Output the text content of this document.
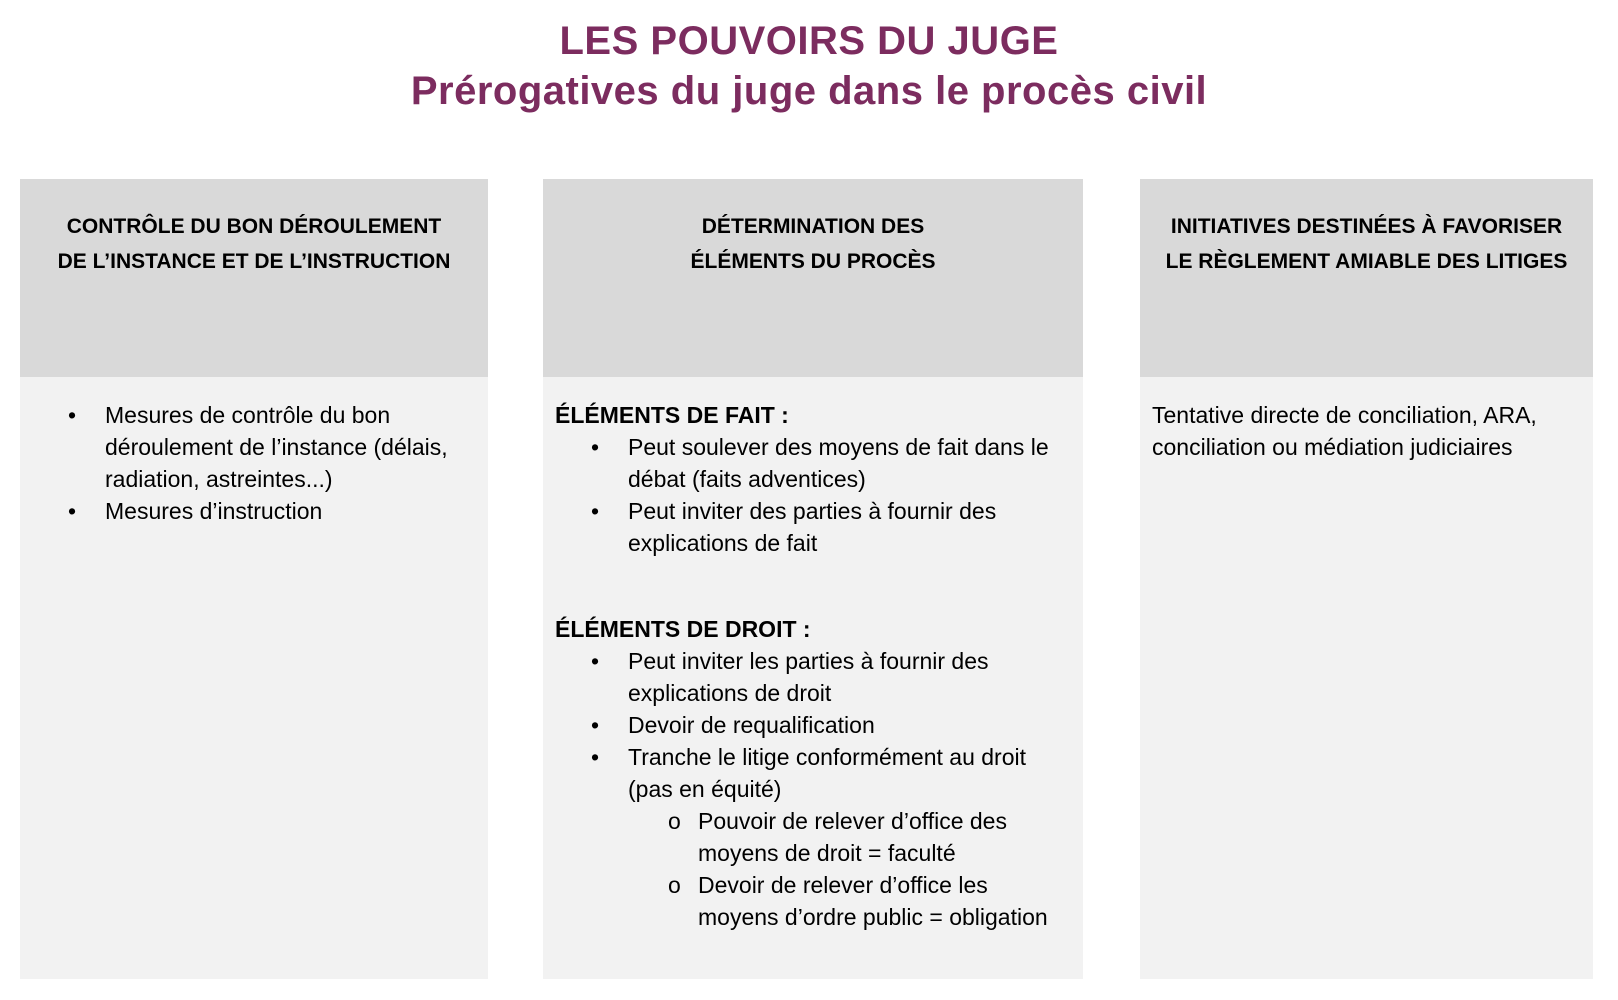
LES POUVOIRS DU JUGE
Prérogatives du juge dans le procès civil
CONTRÔLE DU BON DÉROULEMENT
DE L’INSTANCE ET DE L’INSTRUCTION
•	Mesures de contrôle du bon déroulement de l’instance (délais, radiation, astreintes...)
•	Mesures d’instruction
DÉTERMINATION DES
ÉLÉMENTS DU PROCÈS
ÉLÉMENTS DE FAIT :
•	Peut soulever des moyens de fait dans le débat (faits adventices)
•	Peut inviter des parties à fournir des explications de fait
ÉLÉMENTS DE DROIT :
•	Peut inviter les parties à fournir des explications de droit
•	Devoir de requalification
•	Tranche le litige conformément au droit (pas en équité)
o Pouvoir de relever d’office des moyens de droit = faculté
o Devoir de relever d’office les moyens d’ordre public = obligation
INITIATIVES DESTINÉES À FAVORISER
LE RÈGLEMENT AMIABLE DES LITIGES
Tentative directe de conciliation, ARA, conciliation ou médiation judiciaires
